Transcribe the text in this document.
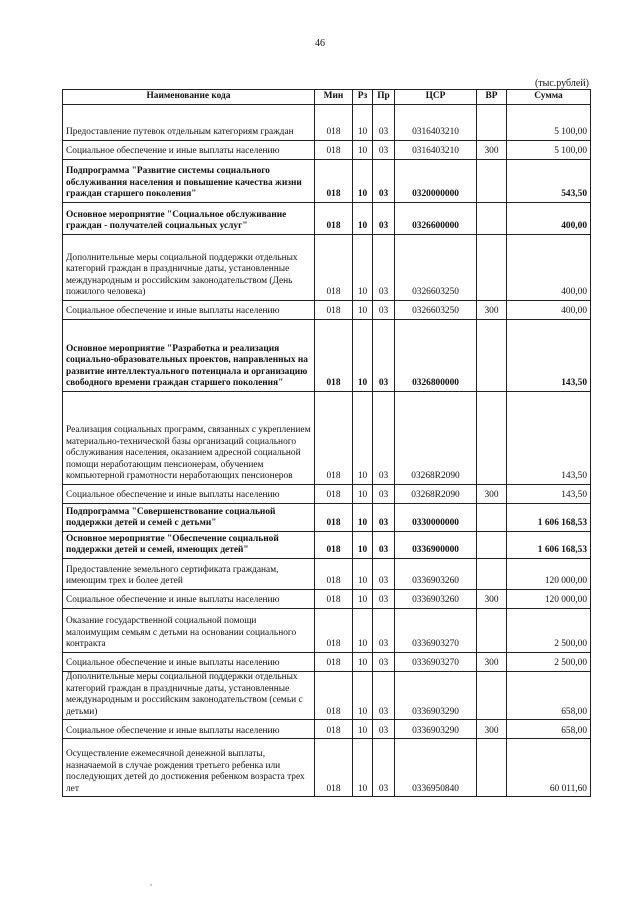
46
(тыс.рублей)
Наименование кода	Мин	Рз	Пр	ЦСР	ВР	Сумма
Предоставление путевок отдельным категориям граждан	018	10	03	0316403210		5 100,00
Социальное обеспечение и иные выплаты населению	018	10	03	0316403210	300	5 100,00
Подпрограмма "Развитие системы социального обслуживания населения и повышение качества жизни граждан старшего поколения"	018	10	03	0320000000		543,50
Основное мероприятие "Социальное обслуживание граждан - получателей социальных услуг"	018	10	03	0326600000		400,00
Дополнительные меры социальной поддержки отдельных категорий граждан в праздничные даты, установленные международным и российским законодательством (День пожилого человека)	018	10	03	0326603250		400,00
Социальное обеспечение и иные выплаты населению	018	10	03	0326603250	300	400,00
Основное мероприятие "Разработка и реализация социально-образовательных проектов, направленных на развитие интеллектуального потенциала и организацию свободного времени граждан старшего поколения"	018	10	03	0326800000		143,50
Реализация социальных программ, связанных с укреплением материально-технической базы организаций социального обслуживания населения, оказанием адресной социальной помощи неработающим пенсионерам, обучением компьютерной грамотности неработающих пенсионеров	018	10	03	03268R2090		143,50
Социальное обеспечение и иные выплаты населению	018	10	03	03268R2090	300	143,50
Подпрограмма "Совершенствование социальной поддержки детей и семей с детьми"	018	10	03	0330000000		1 606 168,53
Основное мероприятие "Обеспечение социальной поддержки детей и семей, имеющих детей"	018	10	03	0336900000		1 606 168,53
Предоставление земельного сертификата гражданам, имеющим трех и более детей	018	10	03	0336903260		120 000,00
Социальное обеспечение и иные выплаты населению	018	10	03	0336903260	300	120 000,00
Оказание государственной социальной помощи малоимущим семьям с детьми на основании социального контракта	018	10	03	0336903270		2 500,00
Социальное обеспечение и иные выплаты населению	018	10	03	0336903270	300	2 500,00
Дополнительные меры социальной поддержки отдельных категорий граждан в праздничные даты, установленные международным и российским законодательством (семьи с детьми)	018	10	03	0336903290		658,00
Социальное обеспечение и иные выплаты населению	018	10	03	0336903290	300	658,00
Осуществление ежемесячной денежной выплаты, назначаемой в случае рождения третьего ребенка или последующих детей до достижения ребенком возраста трех лет	018	10	03	0336950840		60 011,60
